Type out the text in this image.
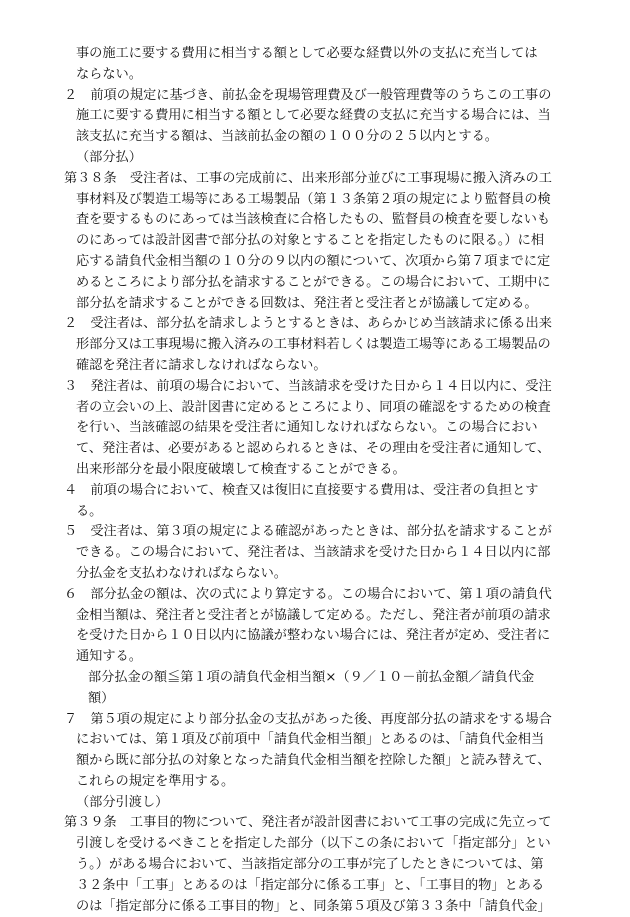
事の施工に要する費用に相当する額として必要な経費以外の支払に充当しては
ならない。
２　前項の規定に基づき、前払金を現場管理費及び一般管理費等のうちこの工事の
施工に要する費用に相当する額として必要な経費の支払に充当する場合には、当
該支払に充当する額は、当該前払金の額の１００分の２５以内とする。
（部分払）
第３８条　受注者は、工事の完成前に、出来形部分並びに工事現場に搬入済みの工
事材料及び製造工場等にある工場製品（第１３条第２項の規定により監督員の検
査を要するものにあっては当該検査に合格したもの、監督員の検査を要しないも
のにあっては設計図書で部分払の対象とすることを指定したものに限る。）に相
応する請負代金相当額の１０分の９以内の額について、次項から第７項までに定
めるところにより部分払を請求することができる。この場合において、工期中に
部分払を請求することができる回数は、発注者と受注者とが協議して定める。
２　受注者は、部分払を請求しようとするときは、あらかじめ当該請求に係る出来
形部分又は工事現場に搬入済みの工事材料若しくは製造工場等にある工場製品の
確認を発注者に請求しなければならない。
３　発注者は、前項の場合において、当該請求を受けた日から１４日以内に、受注
者の立会いの上、設計図書に定めるところにより、同項の確認をするための検査
を行い、当該確認の結果を受注者に通知しなければならない。この場合におい
て、発注者は、必要があると認められるときは、その理由を受注者に通知して、
出来形部分を最小限度破壊して検査することができる。
４　前項の場合において、検査又は復旧に直接要する費用は、受注者の負担とす
る。
５　受注者は、第３項の規定による確認があったときは、部分払を請求することが
できる。この場合において、発注者は、当該請求を受けた日から１４日以内に部
分払金を支払わなければならない。
６　部分払金の額は、次の式により算定する。この場合において、第１項の請負代
金相当額は、発注者と受注者とが協議して定める。ただし、発注者が前項の請求
を受けた日から１０日以内に協議が整わない場合には、発注者が定め、受注者に
通知する。
部分払金の額≦第１項の請負代金相当額×（９／１０－前払金額／請負代金
額）
７　第５項の規定により部分払金の支払があった後、再度部分払の請求をする場合
においては、第１項及び前項中「請負代金相当額」とあるのは、「請負代金相当
額から既に部分払の対象となった請負代金相当額を控除した額」と読み替えて、
これらの規定を準用する。
（部分引渡し）
第３９条　工事目的物について、発注者が設計図書において工事の完成に先立って
引渡しを受けるべきことを指定した部分（以下この条において「指定部分」とい
う。）がある場合において、当該指定部分の工事が完了したときについては、第
３２条中「工事」とあるのは「指定部分に係る工事」と、「工事目的物」とある
のは「指定部分に係る工事目的物」と、同条第５項及び第３３条中「請負代金」
